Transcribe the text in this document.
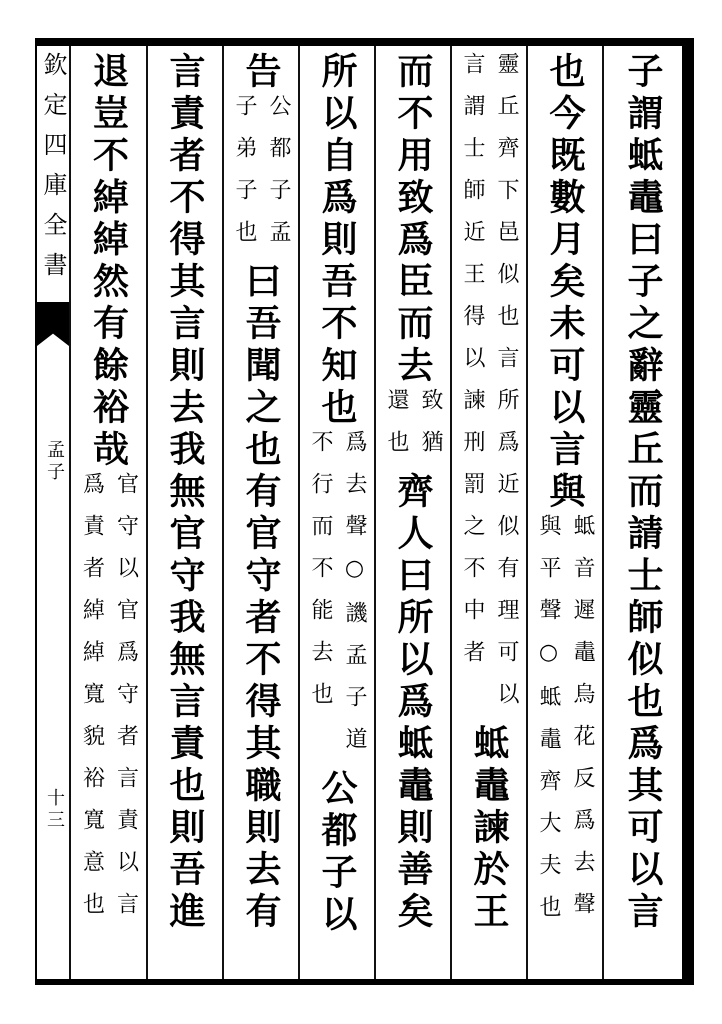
欽定四庫全書
孟子
十三	子謂蚳鼃曰子之辭靈丘而請士師似也爲其可以言
也今既數月矣未可以言與
蚳音遲鼃烏花反爲去聲
與平聲○蚳鼃齊大夫也
靈丘齊下邑似也言所爲近似有理可以
言謂士師近王得以諫刑罰之不中者
蚳鼃諫於王
而不用致爲臣而去
致猶
還也
齊人曰所以爲蚳鼃則善矣
所以自爲則吾不知也
爲去聲○譏孟子道
不行而不能去也
公都子以
告
公都子孟
子弟子也
曰吾聞之也有官守者不得其職則去有
言責者不得其言則去我無官守我無言責也則吾進
退豈不綽綽然有餘裕哉
官守以官爲守者言責以言
爲責者綽綽寬貌裕寬意也
